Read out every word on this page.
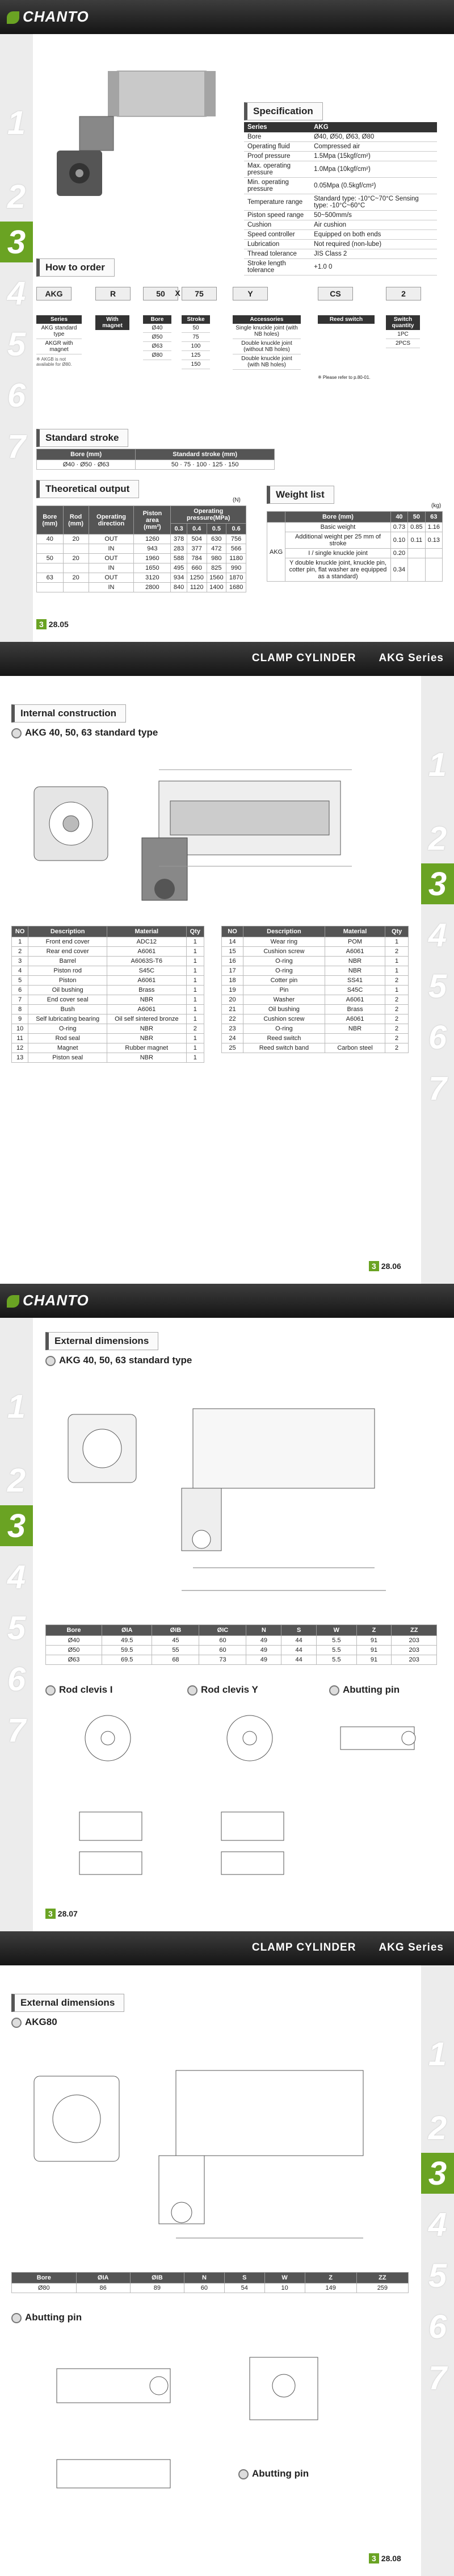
CHANTO
1
2
3
4
5
6
7
Specification
Series	AKG
Bore	Ø40, Ø50, Ø63, Ø80
Operating fluid	Compressed air
Proof pressure	1.5Mpa (15kgf/cm²)
Max. operating pressure	1.0Mpa (10kgf/cm²)
Min. operating pressure	0.05Mpa (0.5kgf/cm²)
Temperature range	Standard type: -10°C~70°C Sensing type: -10°C~60°C
Piston speed range	50~500mm/s
Cushion	Air cushion
Speed controller	Equipped on both ends
Lubrication	Not required (non-lube)
Thread tolerance	JIS Class 2
Stroke length tolerance	+1.0 0
How to order
AKG	R	50	X	75	Y	CS	2
Series
AKG standard type
AKGR with magnet
※ AKGB is not available for Ø80.
With magnet
Bore
Ø40
Ø50
Ø63
Ø80
Stroke
50
75
100
125
150
Accessories
Single knuckle joint (with NB holes)
Double knuckle joint (without NB holes)
Double knuckle joint (with NB holes)
Reed switch
※ Please refer to p.80-01.
Switch quantity
1PC
2PCS
Standard stroke
Bore (mm)	Standard stroke (mm)
Ø40 · Ø50 · Ø63	50 · 75 · 100 · 125 · 150
Theoretical output
(N)
Bore (mm)	Rod (mm)	Operating direction	Piston area (mm²)	Operating pressure(MPa)			
				0.3	0.4	0.5	0.6
40	20	OUT	1260	378	504	630	756
		IN	943	283	377	472	566
50	20	OUT	1960	588	784	980	1180
		IN	1650	495	660	825	990
63	20	OUT	3120	934	1250	1560	1870
		IN	2800	840	1120	1400	1680
Weight list
(kg)
	Bore (mm)	40	50	63
AKG	Basic weight	0.73	0.85	1.16
	Additional weight per 25 mm of stroke	0.10	0.11	0.13
	I / single knuckle joint	0.20		
	Y double knuckle joint, knuckle pin, cotter pin, flat washer are equipped as a standard)	0.34		
3 28.05
CLAMP CYLINDER AKG Series
1
2
3
4
5
6
7
Internal construction
AKG 40, 50, 63 standard type
NO	Description	Material	Qty
1	Front end cover	ADC12	1
2	Rear end cover	A6061	1
3	Barrel	A6063S-T6	1
4	Piston rod	S45C	1
5	Piston	A6061	1
6	Oil bushing	Brass	1
7	End cover seal	NBR	1
8	Bush	A6061	1
9	Self lubricating bearing	Oil self sintered bronze	1
10	O-ring	NBR	2
11	Rod seal	NBR	1
12	Magnet	Rubber magnet	1
13	Piston seal	NBR	1
NO	Description	Material	Qty
14	Wear ring	POM	1
15	Cushion screw	A6061	2
16	O-ring	NBR	1
17	O-ring	NBR	1
18	Cotter pin	SS41	2
19	Pin	S45C	1
20	Washer	A6061	2
21	Oil bushing	Brass	2
22	Cushion screw	A6061	2
23	O-ring	NBR	2
24	Reed switch		2
25	Reed switch band	Carbon steel	2
3 28.06
CHANTO
1
2
3
4
5
6
7
External dimensions
AKG 40, 50, 63 standard type
Bore	ØIA	ØIB	ØIC	N	S	W	Z	ZZ
Ø40	49.5	45	60	49	44	5.5	91	203
Ø50	59.5	55	60	49	44	5.5	91	203
Ø63	69.5	68	73	49	44	5.5	91	203
Rod clevis I	Rod clevis Y	Abutting pin
3 28.07
CLAMP CYLINDER AKG Series
1
2
3
4
5
6
7
External dimensions
AKG80
Bore	ØIA	ØIB	N	S	W	Z	ZZ
Ø80	86	89	60	54	10	149	259
Abutting pin
Abutting pin
3 28.08
